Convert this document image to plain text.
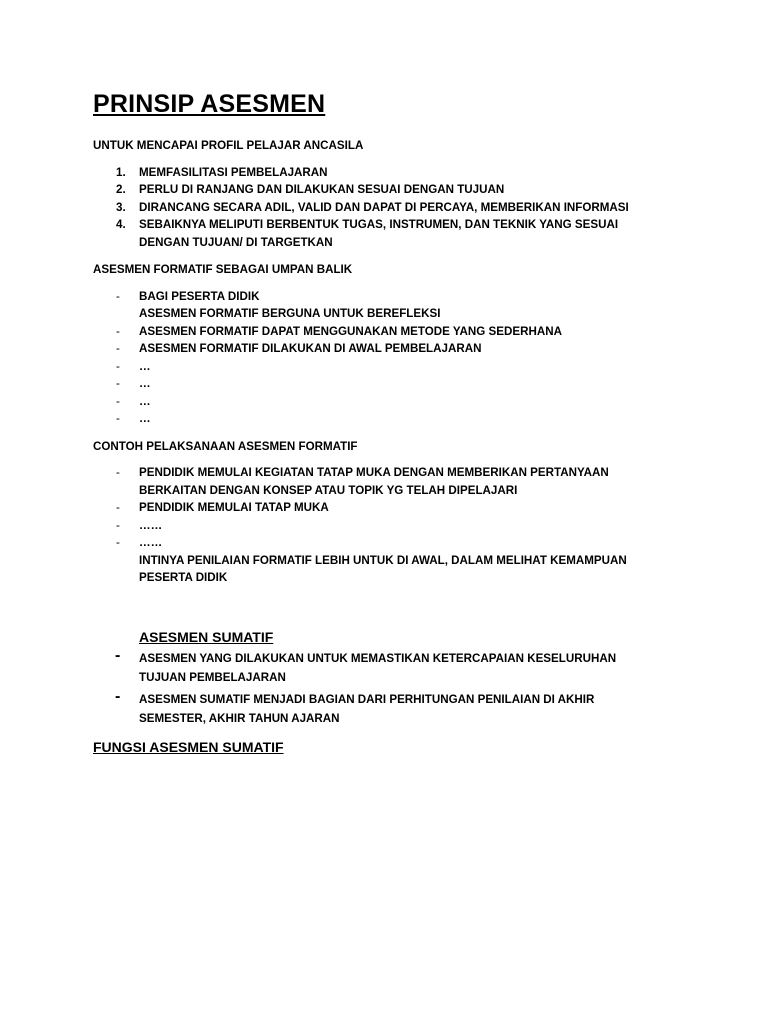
PRINSIP ASESMEN

UNTUK MENCAPAI PROFIL PELAJAR ANCASILA

1. MEMFASILITASI PEMBELAJARAN
2. PERLU DI RANJANG DAN DILAKUKAN SESUAI DENGAN TUJUAN
3. DIRANCANG SECARA ADIL, VALID DAN DAPAT DI PERCAYA, MEMBERIKAN INFORMASI
4. SEBAIKNYA MELIPUTI BERBENTUK TUGAS, INSTRUMEN, DAN TEKNIK YANG SESUAI
DENGAN TUJUAN/ DI TARGETKAN

ASESMEN FORMATIF SEBAGAI UMPAN BALIK

- BAGI PESERTA DIDIK
ASESMEN FORMATIF BERGUNA UNTUK BEREFLEKSI
- ASESMEN FORMATIF DAPAT MENGGUNAKAN METODE YANG SEDERHANA
- ASESMEN FORMATIF DILAKUKAN DI AWAL PEMBELAJARAN
- …
- …
- …
- …

CONTOH PELAKSANAAN ASESMEN FORMATIF

- PENDIDIK MEMULAI KEGIATAN TATAP MUKA DENGAN MEMBERIKAN PERTANYAAN
BERKAITAN DENGAN KONSEP ATAU TOPIK YG TELAH DIPELAJARI
- PENDIDIK MEMULAI TATAP MUKA
- ……
- ……
INTINYA PENILAIAN FORMATIF LEBIH UNTUK DI AWAL, DALAM MELIHAT KEMAMPUAN
PESERTA DIDIK
ASESMEN SUMATIF
- ASESMEN YANG DILAKUKAN UNTUK MEMASTIKAN KETERCAPAIAN KESELURUHAN
TUJUAN PEMBELAJARAN
- ASESMEN SUMATIF MENJADI BAGIAN DARI PERHITUNGAN PENILAIAN DI AKHIR
SEMESTER, AKHIR TAHUN AJARAN
FUNGSI ASESMEN SUMATIF
